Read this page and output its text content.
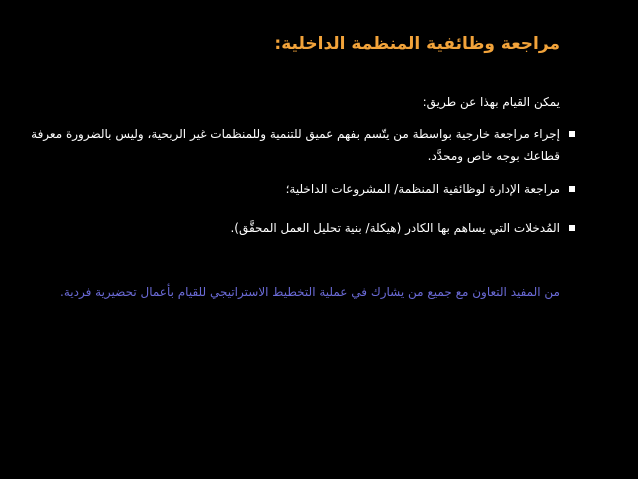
مراجعة وظائفية المنظمة الداخلية:
يمكن القيام بهذا عن طريق:
إجراء مراجعة خارجية بواسطة من يتّسم بفهم عميق للتنمية وللمنظمات غير الربحية، وليس بالضرورة معرفة قطاعك بوجه خاص ومحدَّد.
مراجعة الإدارة لوظائفية المنظمة/ المشروعات الداخلية؛
المُدخلات التي يساهم بها الكادر (هيكلة/ بنية تحليل العمل المحقَّق).
من المفيد التعاون مع جميع من يشارك في عملية التخطيط الاستراتيجي للقيام بأعمال تحضيرية فردية.
